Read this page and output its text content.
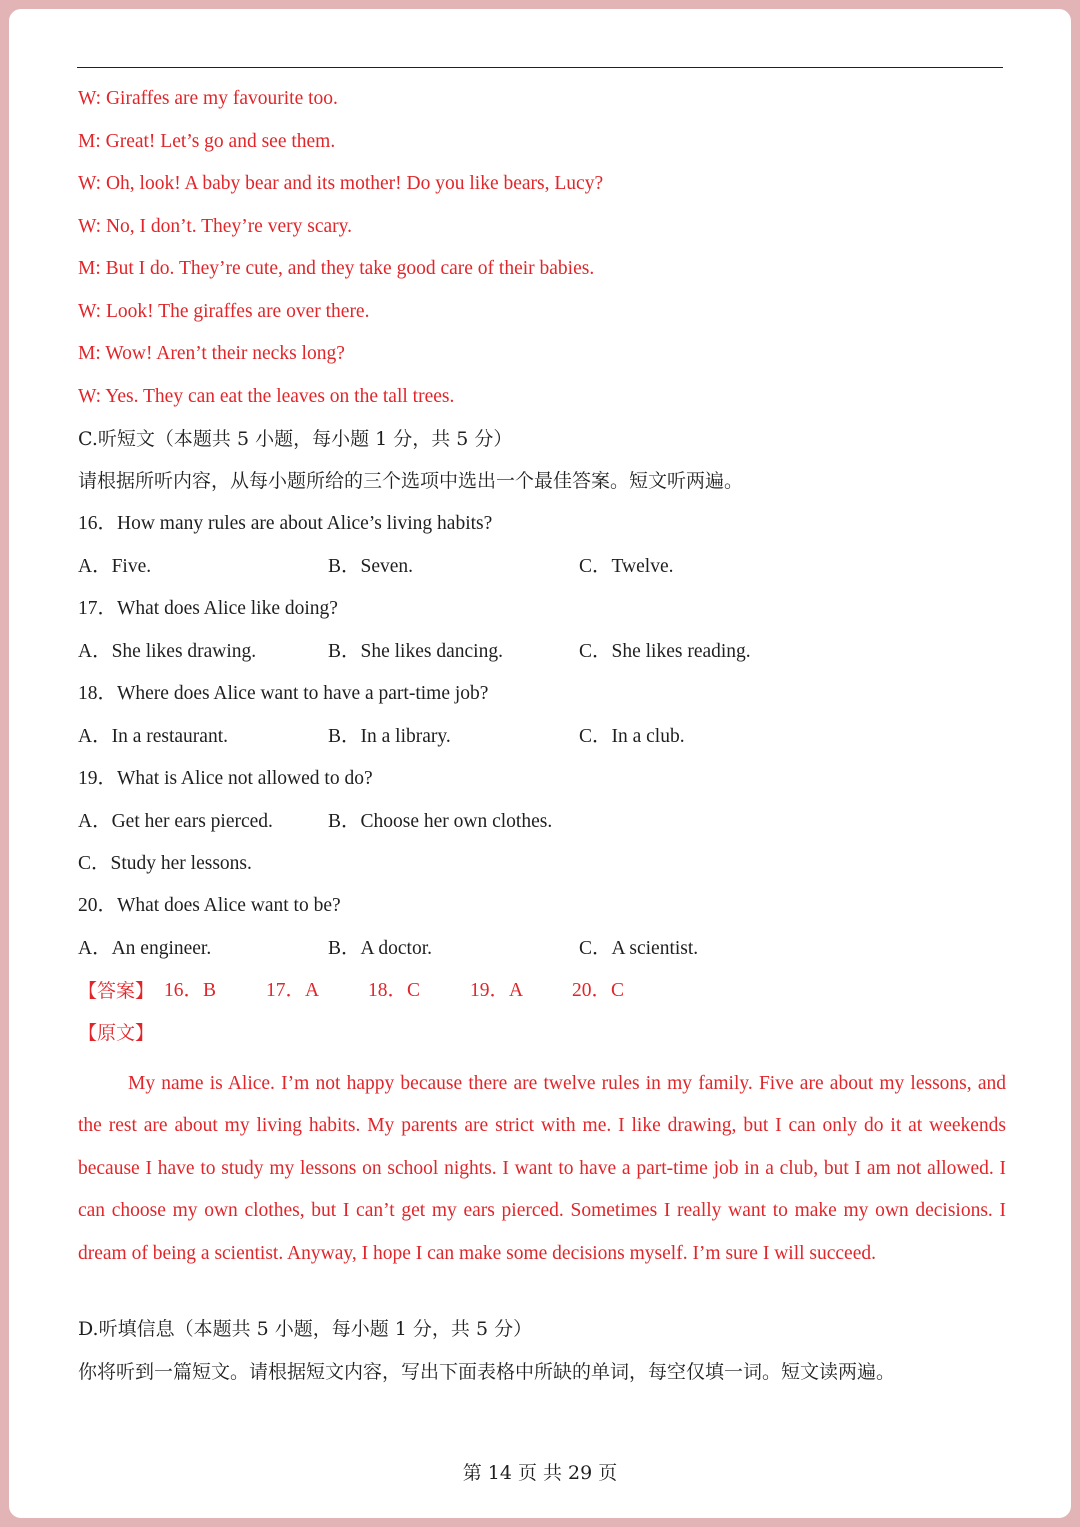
W: Giraffes are my favourite too.
M: Great! Let’s go and see them.
W: Oh, look! A baby bear and its mother! Do you like bears, Lucy?
W: No, I don’t. They’re very scary.
M: But I do. They’re cute, and they take good care of their babies.
W: Look! The giraffes are over there.
M: Wow! Aren’t their necks long?
W: Yes. They can eat the leaves on the tall trees.
C.听短文（本题共 5 小题，每小题 1 分，共 5 分）
请根据所听内容，从每小题所给的三个选项中选出一个最佳答案。短文听两遍。
16．How many rules are about Alice’s living habits?
A．Five.	B．Seven.	C．Twelve.
17．What does Alice like doing?
A．She likes drawing.	B．She likes dancing.	C．She likes reading.
18．Where does Alice want to have a part-time job?
A．In a restaurant.	B．In a library.	C．In a club.
19．What is Alice not allowed to do?
A．Get her ears pierced.	B．Choose her own clothes.
C．Study her lessons.
20．What does Alice want to be?
A．An engineer.	B．A doctor.	C．A scientist.
【答案】 16．B	17．A	18．C	19．A	20．C
【原文】
My name is Alice. I’m not happy because there are twelve rules in my family. Five are about my lessons, and the rest are about my living habits. My parents are strict with me. I like drawing, but I can only do it at weekends because I have to study my lessons on school nights. I want to have a part-time job in a club, but I am not allowed. I can choose my own clothes, but I can’t get my ears pierced. Sometimes I really want to make my own decisions. I dream of being a scientist. Anyway, I hope I can make some decisions myself. I’m sure I will succeed.
D.听填信息（本题共 5 小题，每小题 1 分，共 5 分）
你将听到一篇短文。请根据短文内容，写出下面表格中所缺的单词，每空仅填一词。短文读两遍。
第 14 页 共 29 页
